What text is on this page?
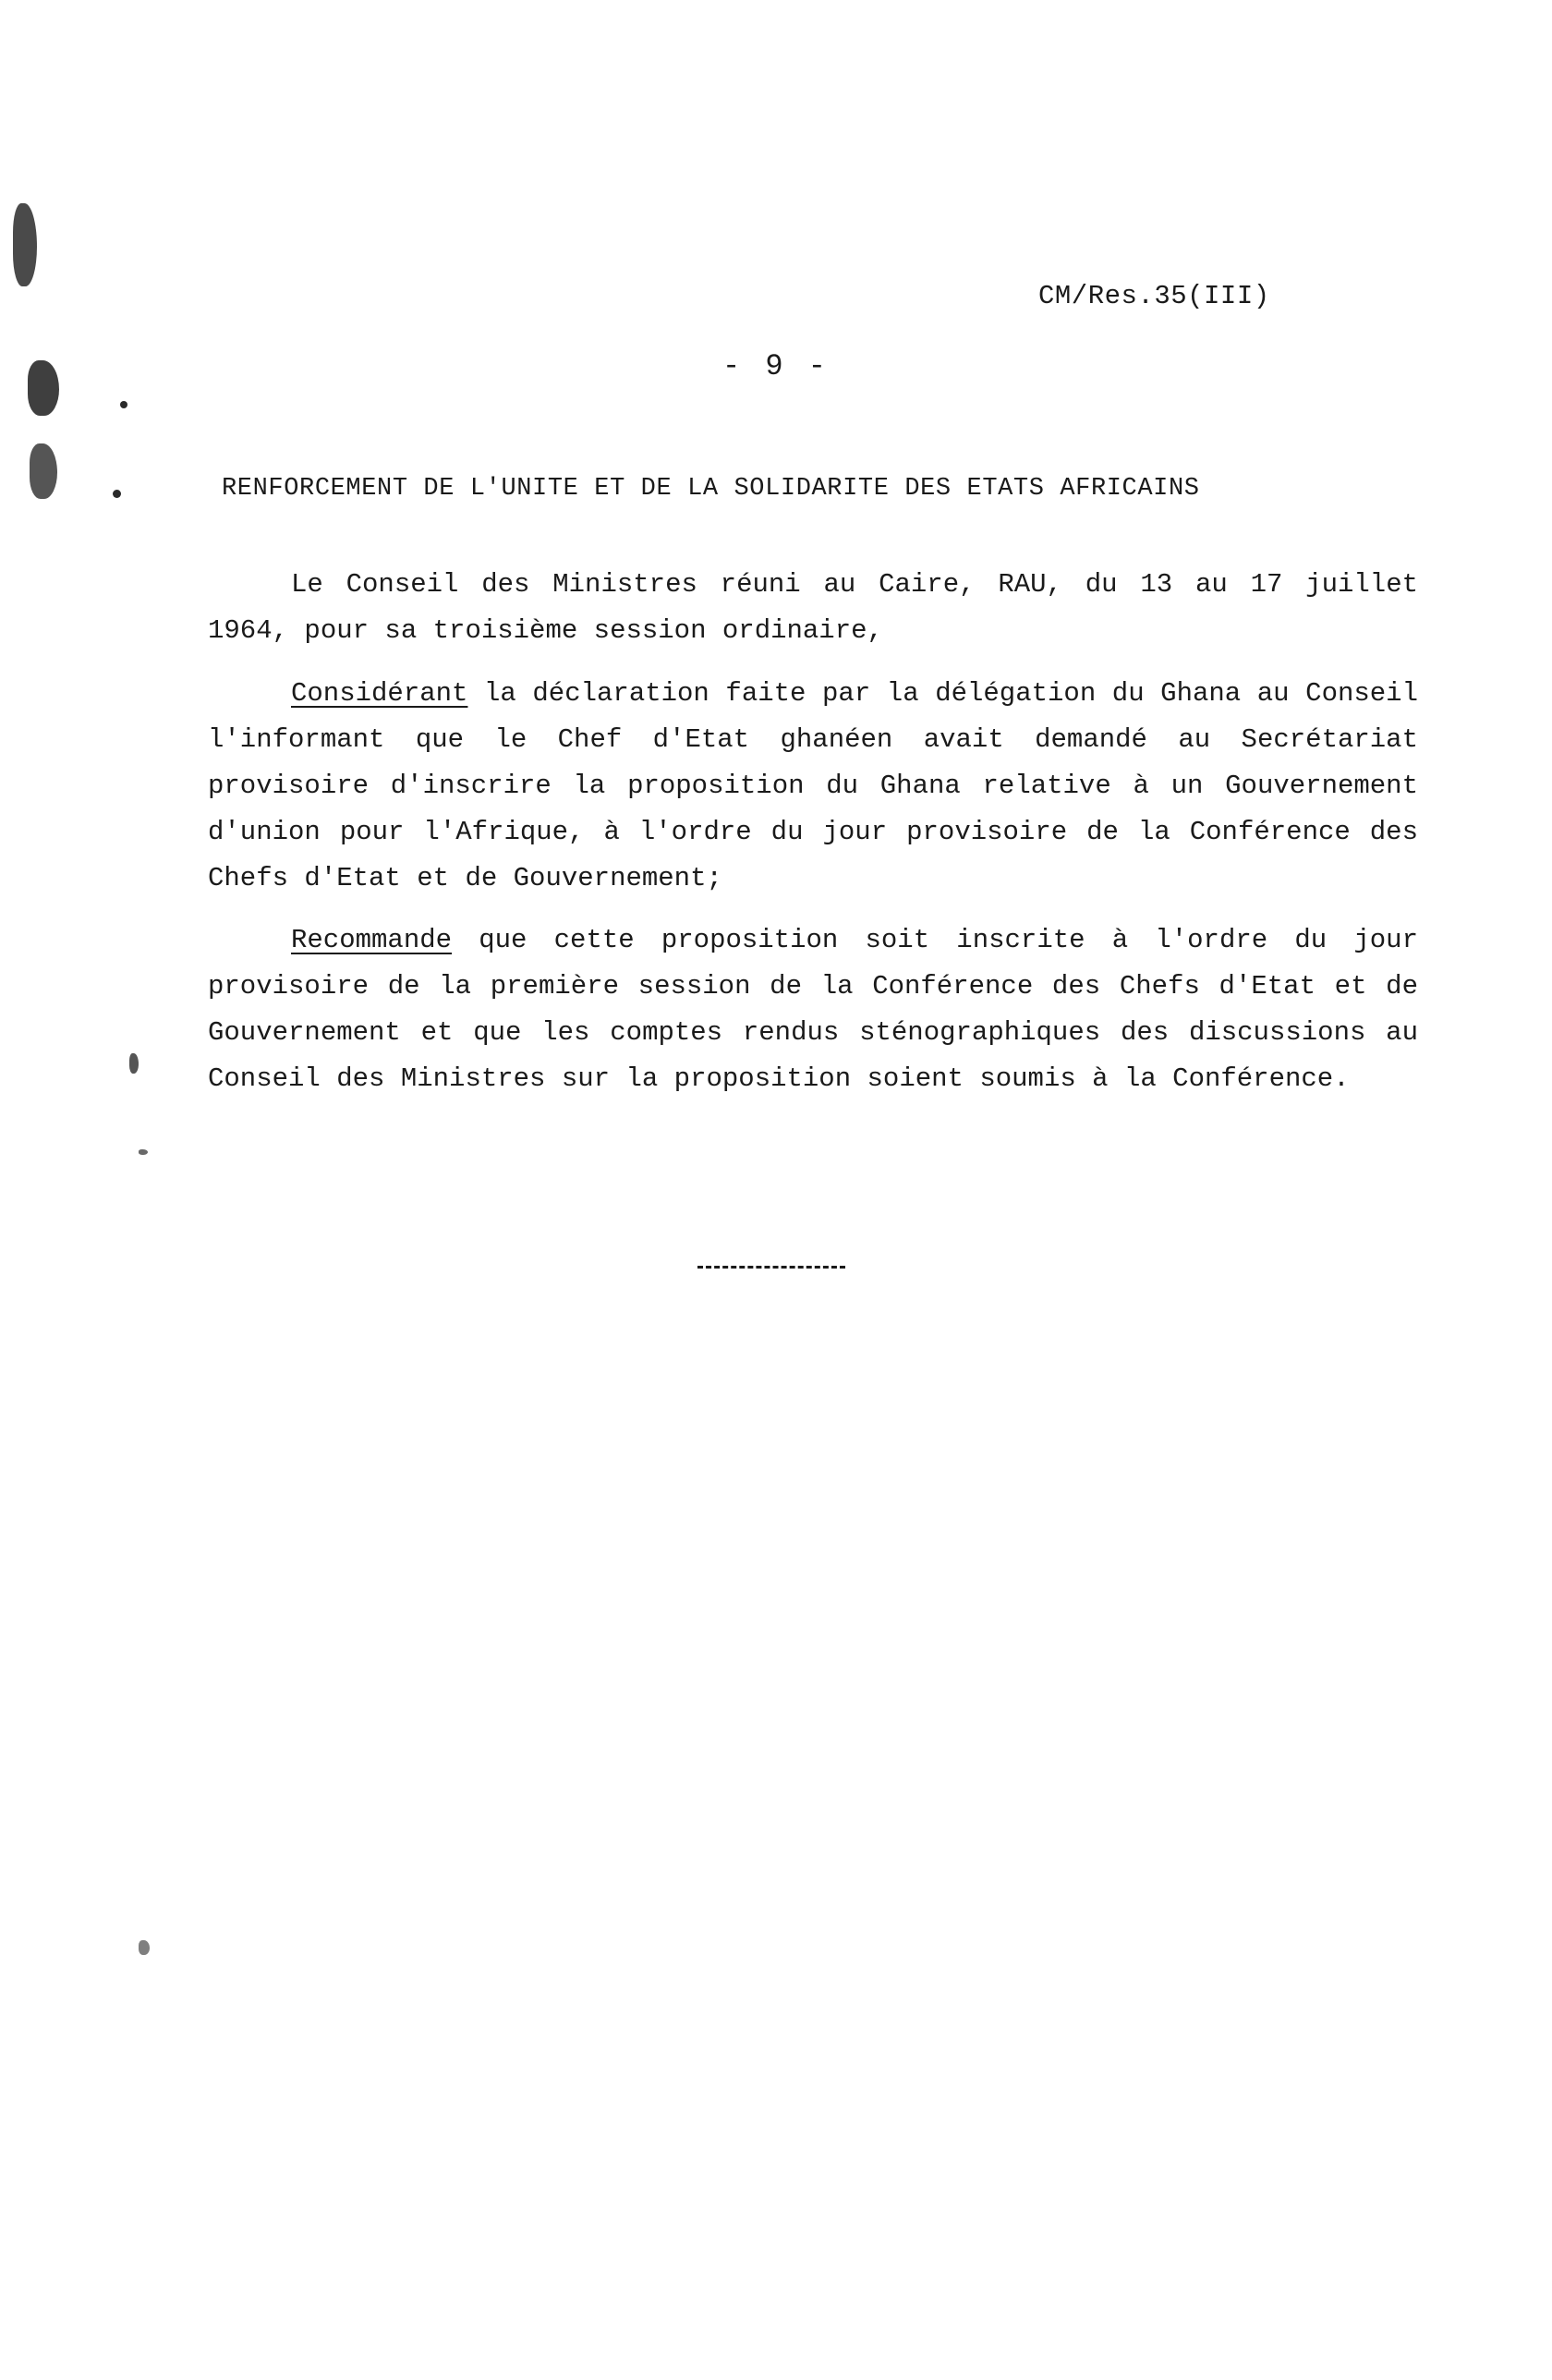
CM/Res.35(III)
- 9 -
RENFORCEMENT DE L'UNITE ET DE LA SOLIDARITE DES ETATS AFRICAINS

Le Conseil des Ministres réuni au Caire, RAU, du 13 au 17 juillet 1964, pour sa troisième session ordinaire,

Considérant la déclaration faite par la délégation du Ghana au Conseil l'informant que le Chef d'Etat ghanéen avait demandé au Secrétariat provisoire d'inscrire la proposition du Ghana relative à un Gouvernement d'union pour l'Afrique, à l'ordre du jour provisoire de la Conférence des Chefs d'Etat et de Gouvernement;

Recommande que cette proposition soit inscrite à l'ordre du jour provisoire de la première session de la Conférence des Chefs d'Etat et de Gouvernement et que les comptes rendus sténographiques des discussions au Conseil des Ministres sur la proposition soient soumis à la Conférence.
